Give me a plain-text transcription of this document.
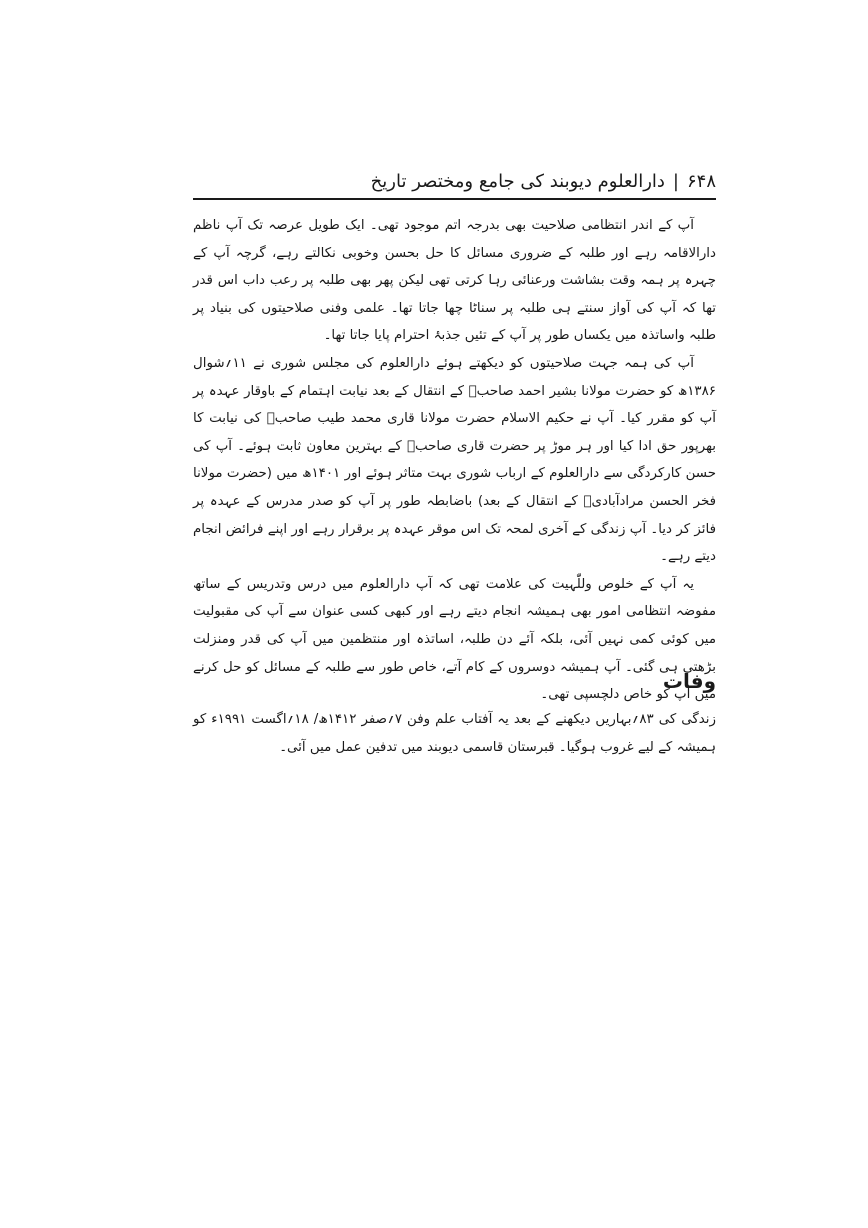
۶۴۸
|
دارالعلوم دیوبند کی جامع ومختصر تاریخ

آپ کے اندر انتظامی صلاحیت بھی بدرجہ اتم موجود تھی۔ ایک طویل عرصہ تک آپ ناظم دارالاقامہ رہے اور طلبہ کے ضروری مسائل کا حل بحسن وخوبی نکالتے رہے، گرچہ آپ کے چہرہ پر ہمہ وقت بشاشت ورعنائی رہا کرتی تھی لیکن پھر بھی طلبہ پر رعب داب اس قدر تھا کہ آپ کی آواز سنتے ہی طلبہ پر سناٹا چھا جاتا تھا۔ علمی وفنی صلاحیتوں کی بنیاد پر طلبہ واساتذہ میں یکساں طور پر آپ کے تئیں جذبۂ احترام پایا جاتا تھا۔

آپ کی ہمہ جہت صلاحیتوں کو دیکھتے ہوئے دارالعلوم کی مجلس شوری نے ۱۱؍شوال ۱۳۸۶ھ کو حضرت مولانا بشیر احمد صاحبؒ کے انتقال کے بعد نیابت اہتمام کے باوقار عہدہ پر آپ کو مقرر کیا۔ آپ نے حکیم الاسلام حضرت مولانا قاری محمد طیب صاحبؒ کی نیابت کا بھرپور حق ادا کیا اور ہر موڑ پر حضرت قاری صاحبؒ کے بہترین معاون ثابت ہوئے۔ آپ کی حسن کارکردگی سے دارالعلوم کے ارباب شوری بہت متاثر ہوئے اور ۱۴۰۱ھ میں (حضرت مولانا فخر الحسن مرادآبادیؒ کے انتقال کے بعد) باضابطہ طور پر آپ کو صدر مدرس کے عہدہ پر فائز کر دیا۔ آپ زندگی کے آخری لمحہ تک اس موقر عہدہ پر برقرار رہے اور اپنے فرائض انجام دیتے رہے۔

یہ آپ کے خلوص وللّٰہیت کی علامت تھی کہ آپ دارالعلوم میں درس وتدریس کے ساتھ مفوضہ انتظامی امور بھی ہمیشہ انجام دیتے رہے اور کبھی کسی عنوان سے آپ کی مقبولیت میں کوئی کمی نہیں آئی، بلکہ آئے دن طلبہ، اساتذہ اور منتظمین میں آپ کی قدر ومنزلت بڑھتی ہی گئی۔ آپ ہمیشہ دوسروں کے کام آتے، خاص طور سے طلبہ کے مسائل کو حل کرنے میں آپ کو خاص دلچسپی تھی۔

وفات

زندگی کی ۸۳؍بہاریں دیکھنے کے بعد یہ آفتاب علم وفن ۷؍صفر ۱۴۱۲ھ/ ۱۸؍اگست ۱۹۹۱ء کو ہمیشہ کے لیے غروب ہوگیا۔ قبرستان قاسمی دیوبند میں تدفین عمل میں آئی۔
